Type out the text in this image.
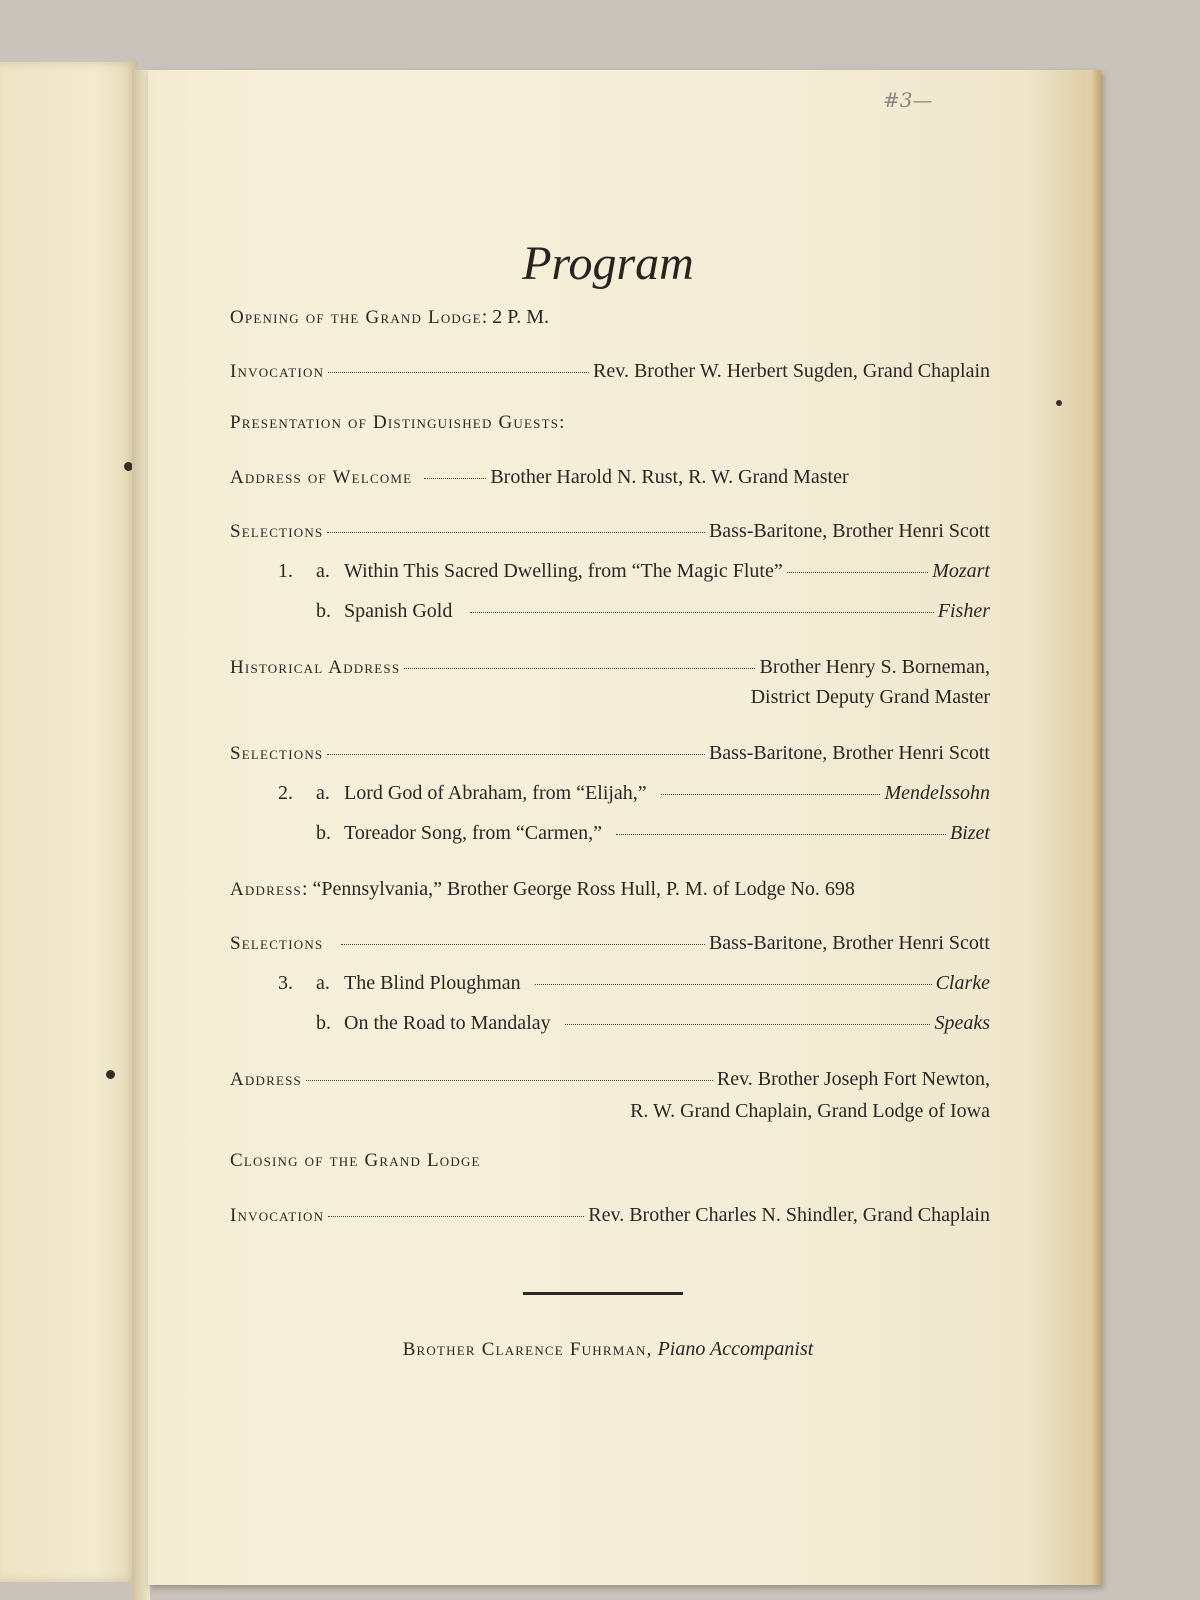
#3—
Program
Opening of the Grand Lodge : 2 P. M.
Invocation	Rev. Brother W. Herbert Sugden, Grand Chaplain
Presentation of Distinguished Guests:
Address of Welcome	Brother Harold N. Rust, R. W. Grand Master
Selections	Bass-Baritone, Brother Henri Scott
1.	a. Within This Sacred Dwelling, from “The Magic Flute”	Mozart
b. Spanish Gold	Fisher
Historical Address	Brother Henry S. Borneman,
District Deputy Grand Master
Selections	Bass-Baritone, Brother Henri Scott
2.	a. Lord God of Abraham, from “Elijah,”	Mendelssohn
b. Toreador Song, from “Carmen,”	Bizet
Address : “Pennsylvania,” Brother George Ross Hull, P. M. of Lodge No. 698
Selections	Bass-Baritone, Brother Henri Scott
3.	a. The Blind Ploughman	Clarke
b. On the Road to Mandalay	Speaks
Address	Rev. Brother Joseph Fort Newton,
R. W. Grand Chaplain, Grand Lodge of Iowa
Closing of the Grand Lodge
Invocation	Rev. Brother Charles N. Shindler, Grand Chaplain
Brother Clarence Fuhrman, Piano Accompanist
